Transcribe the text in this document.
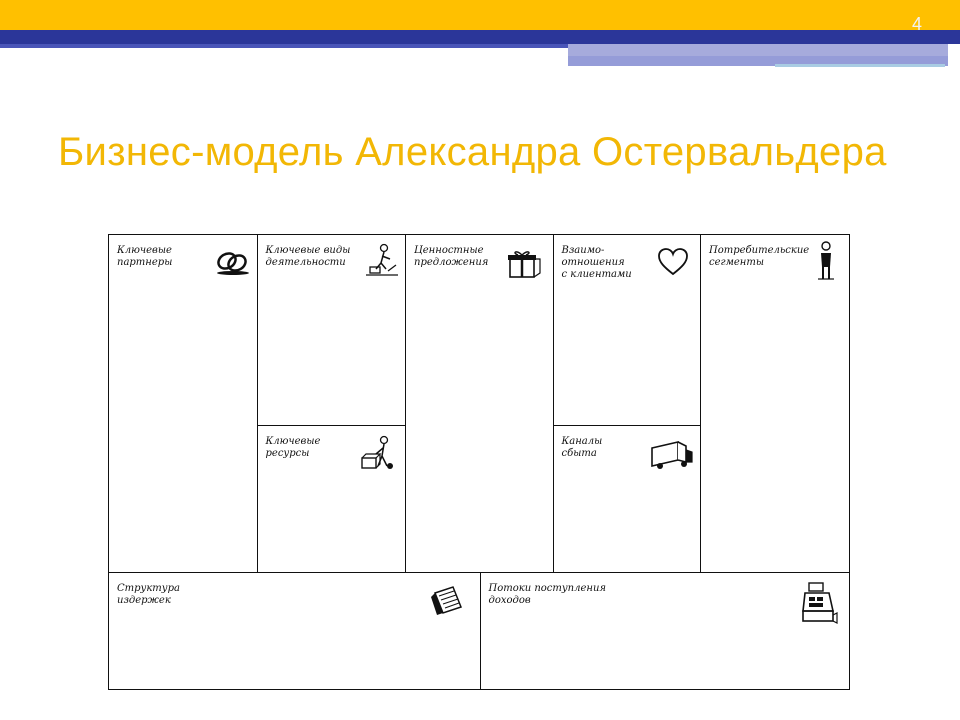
4
Бизнес-модель Александра Остервальдера
Ключевые
партнеры
Ключевые виды
деятельности
Ключевые
ресурсы
Ценностные
предложения
Взаимо-
отношения
с клиентами
Каналы
сбыта
Потребительские
сегменты
Структура
издержек
Потоки поступления
доходов
